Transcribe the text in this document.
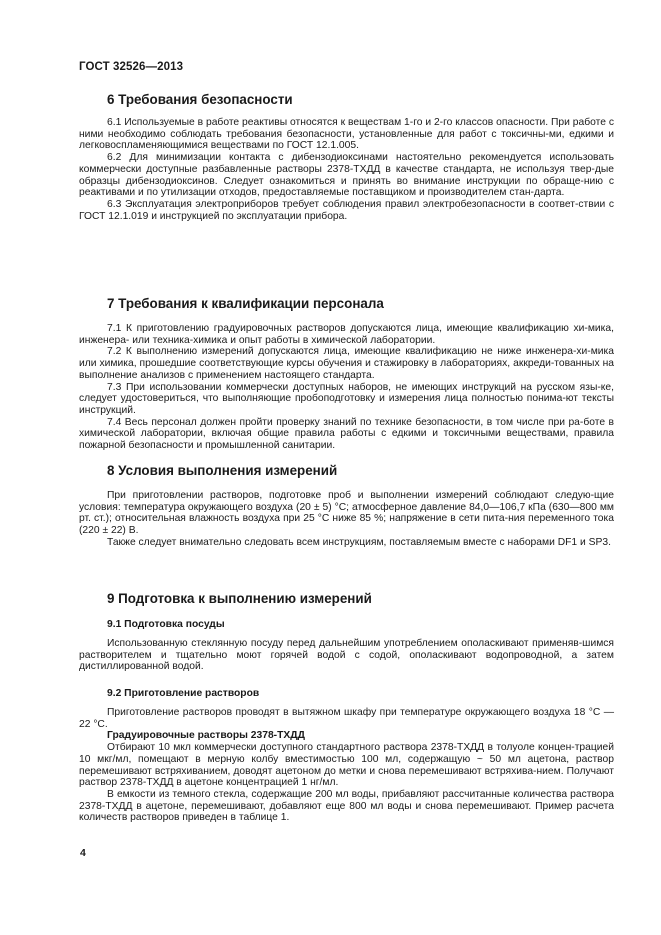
ГОСТ 32526—2013
6 Требования безопасности

6.1 Используемые в работе реактивы относятся к веществам 1-го и 2-го классов опасности. При работе с ними необходимо соблюдать требования безопасности, установленные для работ с токсичны-ми, едкими и легковоспламеняющимися веществами по ГОСТ 12.1.005.

6.2 Для минимизации контакта с дибензодиоксинами настоятельно рекомендуется использовать коммерчески доступные разбавленные растворы 2378-ТХДД в качестве стандарта, не используя твер-дые образцы дибензодиоксинов. Следует ознакомиться и принять во внимание инструкции по обраще-нию с реактивами и по утилизации отходов, предоставляемые поставщиком и производителем стан-дарта.

6.3 Эксплуатация электроприборов требует соблюдения правил электробезопасности в соответ-ствии с ГОСТ 12.1.019 и инструкцией по эксплуатации прибора.

7 Требования к квалификации персонала

7.1 К приготовлению градуировочных растворов допускаются лица, имеющие квалификацию хи-мика, инженера- или техника-химика и опыт работы в химической лаборатории.

7.2 К выполнению измерений допускаются лица, имеющие квалификацию не ниже инженера-хи-мика или химика, прошедшие соответствующие курсы обучения и стажировку в лабораториях, аккреди-тованных на выполнение анализов с применением настоящего стандарта.

7.3 При использовании коммерчески доступных наборов, не имеющих инструкций на русском язы-ке, следует удостовериться, что выполняющие пробоподготовку и измерения лица полностью понима-ют тексты инструкций.

7.4 Весь персонал должен пройти проверку знаний по технике безопасности, в том числе при ра-боте в химической лаборатории, включая общие правила работы с едкими и токсичными веществами, правила пожарной безопасности и промышленной санитарии.

8 Условия выполнения измерений

При приготовлении растворов, подготовке проб и выполнении измерений соблюдают следую-щие условия: температура окружающего воздуха (20 ± 5) °С; атмосферное давление 84,0—106,7 кПа (630—800 мм рт. ст.); относительная влажность воздуха при 25 °С ниже 85 %; напряжение в сети пита-ния переменного тока (220 ± 22) В.

Также следует внимательно следовать всем инструкциям, поставляемым вместе с наборами DF1 и SP3.

9 Подготовка к выполнению измерений
9.1 Подготовка посуды

Использованную стеклянную посуду перед дальнейшим употреблением ополаскивают применяв-шимся растворителем и тщательно моют горячей водой с содой, ополаскивают водопроводной, а затем дистиллированной водой.

9.2 Приготовление растворов

Приготовление растворов проводят в вытяжном шкафу при температуре окружающего воздуха 18 °С — 22 °С.

Градуировочные растворы 2378-ТХДД

Отбирают 10 мкл коммерчески доступного стандартного раствора 2378-ТХДД в толуоле концен-трацией 10 мкг/мл, помещают в мерную колбу вместимостью 100 мл, содержащую ~ 50 мл ацетона, раствор перемешивают встряхиванием, доводят ацетоном до метки и снова перемешивают встряхива-нием. Получают раствор 2378-ТХДД в ацетоне концентрацией 1 нг/мл.

В емкости из темного стекла, содержащие 200 мл воды, прибавляют рассчитанные количества раствора 2378-ТХДД в ацетоне, перемешивают, добавляют еще 800 мл воды и снова перемешивают. Пример расчета количеств растворов приведен в таблице 1.

4
